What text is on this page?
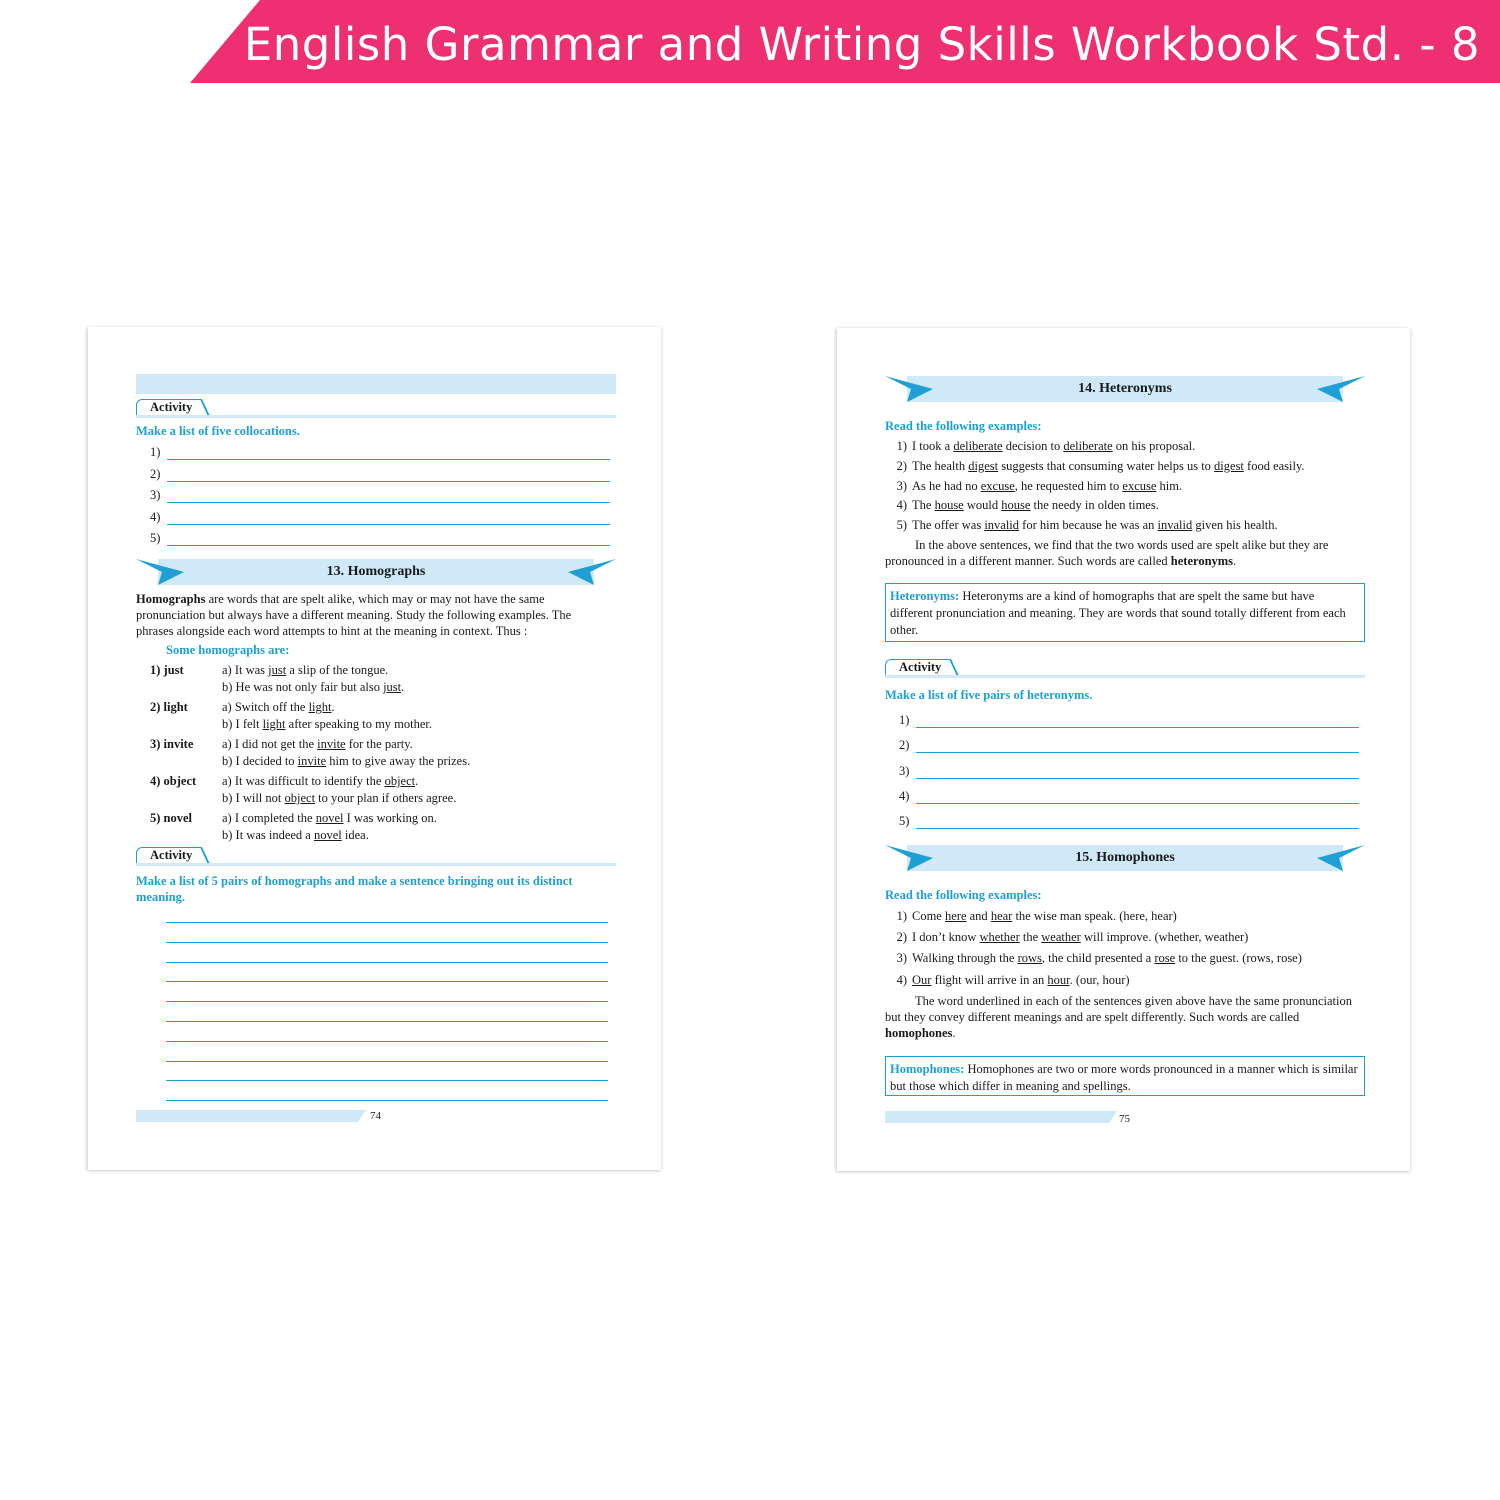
English Grammar and Writing Skills Workbook Std. - 8
Activity
Make a list of five collocations.
1)
2)
3)
4)
5)
13. Homographs
Homographs are words that are spelt alike, which may or may not have the same pronunciation but always have a different meaning. Study the following examples. The phrases alongside each word attempts to hint at the meaning in context. Thus :
Some homographs are:
1) just	a) It was just a slip of the tongue.
b) He was not only fair but also just.
2) light	a) Switch off the light.
b) I felt light after speaking to my mother.
3) invite a) I did not get the invite for the party.
b) I decided to invite him to give away the prizes.
4) object a) It was difficult to identify the object.
b) I will not object to your plan if others agree.
5) novel a) I completed the novel I was working on.
b) It was indeed a novel idea.
Activity
Make a list of 5 pairs of homographs and make a sentence bringing out its distinct meaning.
74
14. Heteronyms
Read the following examples:
1) I took a deliberate decision to deliberate on his proposal.
2) The health digest suggests that consuming water helps us to digest food easily.
3) As he had no excuse, he requested him to excuse him.
4) The house would house the needy in olden times.
5) The offer was invalid for him because he was an invalid given his health.
In the above sentences, we find that the two words used are spelt alike but they are pronounced in a different manner. Such words are called heteronyms.
Heteronyms: Heteronyms are a kind of homographs that are spelt the same but have different pronunciation and meaning. They are words that sound totally different from each other.
Activity
Make a list of five pairs of heteronyms.
1)
2)
3)
4)
5)
15. Homophones
Read the following examples:
1) Come here and hear the wise man speak. (here, hear)
2) I don’t know whether the weather will improve. (whether, weather)
3) Walking through the rows, the child presented a rose to the guest. (rows, rose)
4) Our flight will arrive in an hour. (our, hour)
The word underlined in each of the sentences given above have the same pronunciation but they convey different meanings and are spelt differently. Such words are called homophones.
Homophones: Homophones are two or more words pronounced in a manner which is similar but those which differ in meaning and spellings.
75
